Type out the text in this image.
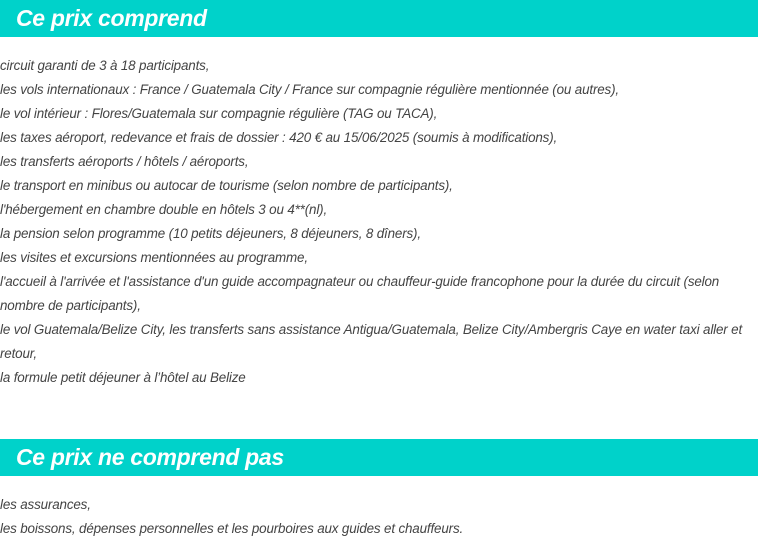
Ce prix comprend
circuit garanti de 3 à 18 participants,
les vols internationaux : France / Guatemala City / France sur compagnie régulière mentionnée (ou autres),
le vol intérieur : Flores/Guatemala sur compagnie régulière (TAG ou TACA),
les taxes aéroport, redevance et frais de dossier : 420 € au 15/06/2025 (soumis à modifications),
les transferts aéroports / hôtels / aéroports,
le transport en minibus ou autocar de tourisme (selon nombre de participants),
l'hébergement en chambre double en hôtels 3 ou 4**(nl),
la pension selon programme (10 petits déjeuners, 8 déjeuners, 8 dîners),
les visites et excursions mentionnées au programme,
l'accueil à l'arrivée et l'assistance d'un guide accompagnateur ou chauffeur-guide francophone pour la durée du circuit (selon nombre de participants),
le vol Guatemala/Belize City, les transferts sans assistance Antigua/Guatemala, Belize City/Ambergris Caye en water taxi aller et retour,
la formule petit déjeuner à l’hôtel au Belize
Ce prix ne comprend pas
les assurances,
les boissons, dépenses personnelles et les pourboires aux guides et chauffeurs.
